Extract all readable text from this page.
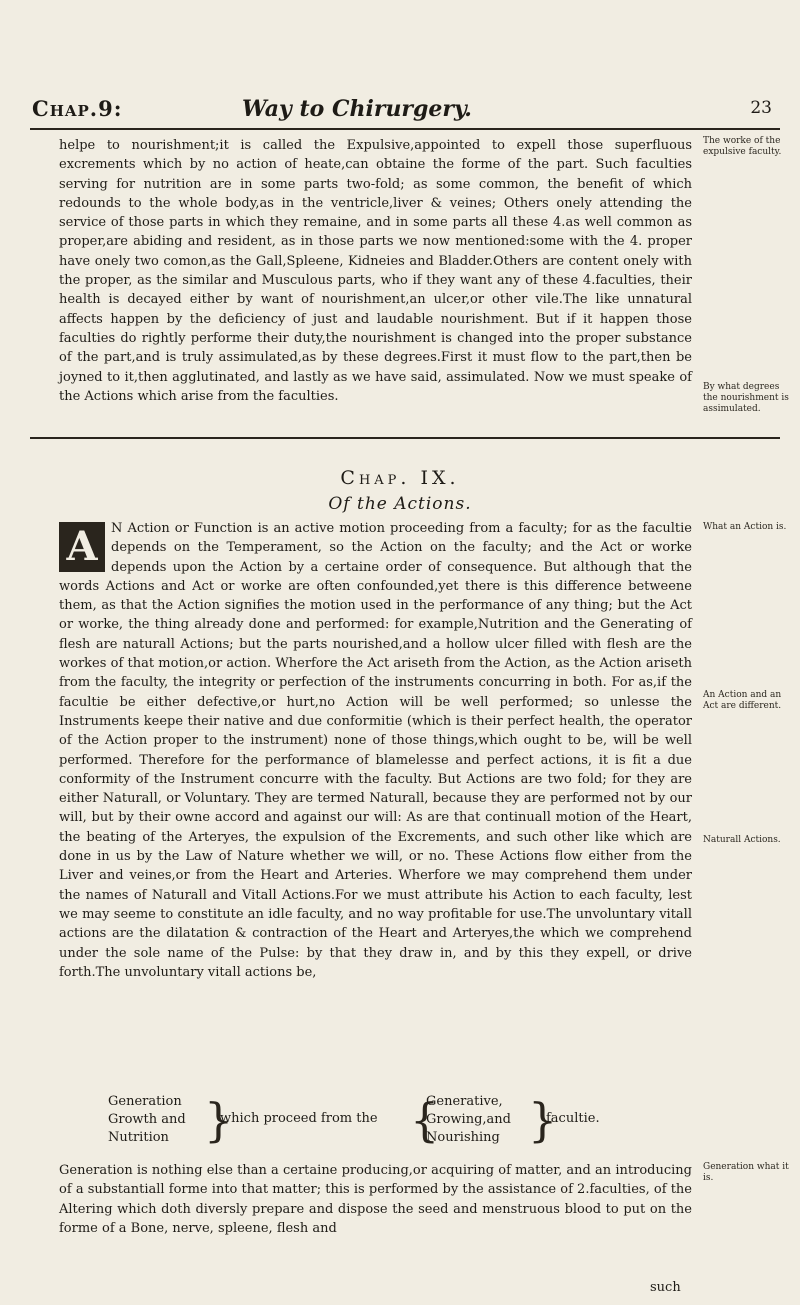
Chap.9:	Way to Chirurgery.	23
helpe to nourishment;it is called the Expulsive,appointed to expell those superfluous excrements which by no action of heate,can obtaine the forme of the part. Such faculties serving for nutrition are in some parts two-fold; as some common, the benefit of which redounds to the whole body,as in the ventricle,liver & veines; Others onely attending the service of those parts in which they remaine, and in some parts all these 4.as well common as proper,are abiding and resident, as in those parts we now mentioned:some with the 4. proper have onely two comon,as the Gall,Spleene, Kidneies and Bladder.Others are content onely with the proper, as the similar and Musculous parts, who if they want any of these 4.faculties, their health is decayed either by want of nourishment,an ulcer,or other vile.The like unnatural affects happen by the deficiency of just and laudable nourishment. But if it happen those faculties do rightly performe their duty,the nourishment is changed into the proper substance of the part,and is truly assimulated,as by these degrees.First it must flow to the part,then be joyned to it,then agglutinated, and lastly as we have said, assimulated. Now we must speake of the Actions which arise from the faculties.
The worke of the expulsive faculty.
By what degrees the nourishment is assimulated.
Chap. IX.
Of the Actions.
A	N Action or Function is an active motion proceeding from a faculty; for as the facultie depends on the Temperament, so the Action on the faculty; and the Act or worke depends upon the Action by a certaine order of consequence. But although that the words Actions and Act or worke are often confounded,yet there is this difference betweene them, as that the Action signifies the motion used in the performance of any thing; but the Act or worke, the thing already done and performed: for example,Nutrition and the Generating of flesh are naturall Actions; but the parts nourished,and a hollow ulcer filled with flesh are the workes of that motion,or action. Wherfore the Act ariseth from the Action, as the Action ariseth from the faculty, the integrity or perfection of the instruments concurring in both. For as,if the facultie be either defective,or hurt,no Action will be well performed; so unlesse the Instruments keepe their native and due conformitie (which is their perfect health, the operator of the Action proper to the instrument) none of those things,which ought to be, will be well performed. Therefore for the performance of blamelesse and perfect actions, it is fit a due conformity of the Instrument concurre with the faculty. But Actions are two fold; for they are either Naturall, or Voluntary. They are termed Naturall, because they are performed not by our will, but by their owne accord and against our will: As are that continuall motion of the Heart, the beating of the Arteryes, the expulsion of the Excrements, and such other like which are done in us by the Law of Nature whether we will, or no. These Actions flow either from the Liver and veines,or from the Heart and Arteries. Wherfore we may comprehend them under the names of Naturall and Vitall Actions.For we must attribute his Action to each faculty, lest we may seeme to constitute an idle faculty, and no way profitable for use.The unvoluntary vitall actions are the dilatation & contraction of the Heart and Arteryes,the which we comprehend under the sole name of the Pulse: by that they draw in, and by this they expell, or drive forth.The unvoluntary vitall actions be,
What an Action is.
An Action and an Act are different.
Naturall Actions.
Generation
Growth and
Nutrition }
which proceed from the {
Generative,
Growing,and
Nourishing }
facultie.
Generation is nothing else than a certaine producing,or acquiring of matter, and an introducing of a substantiall forme into that matter; this is performed by the assistance of 2.faculties, of the Altering which doth diversly prepare and dispose the seed and menstruous blood to put on the forme of a Bone, nerve, spleene, flesh and
Generation what it is.
such
